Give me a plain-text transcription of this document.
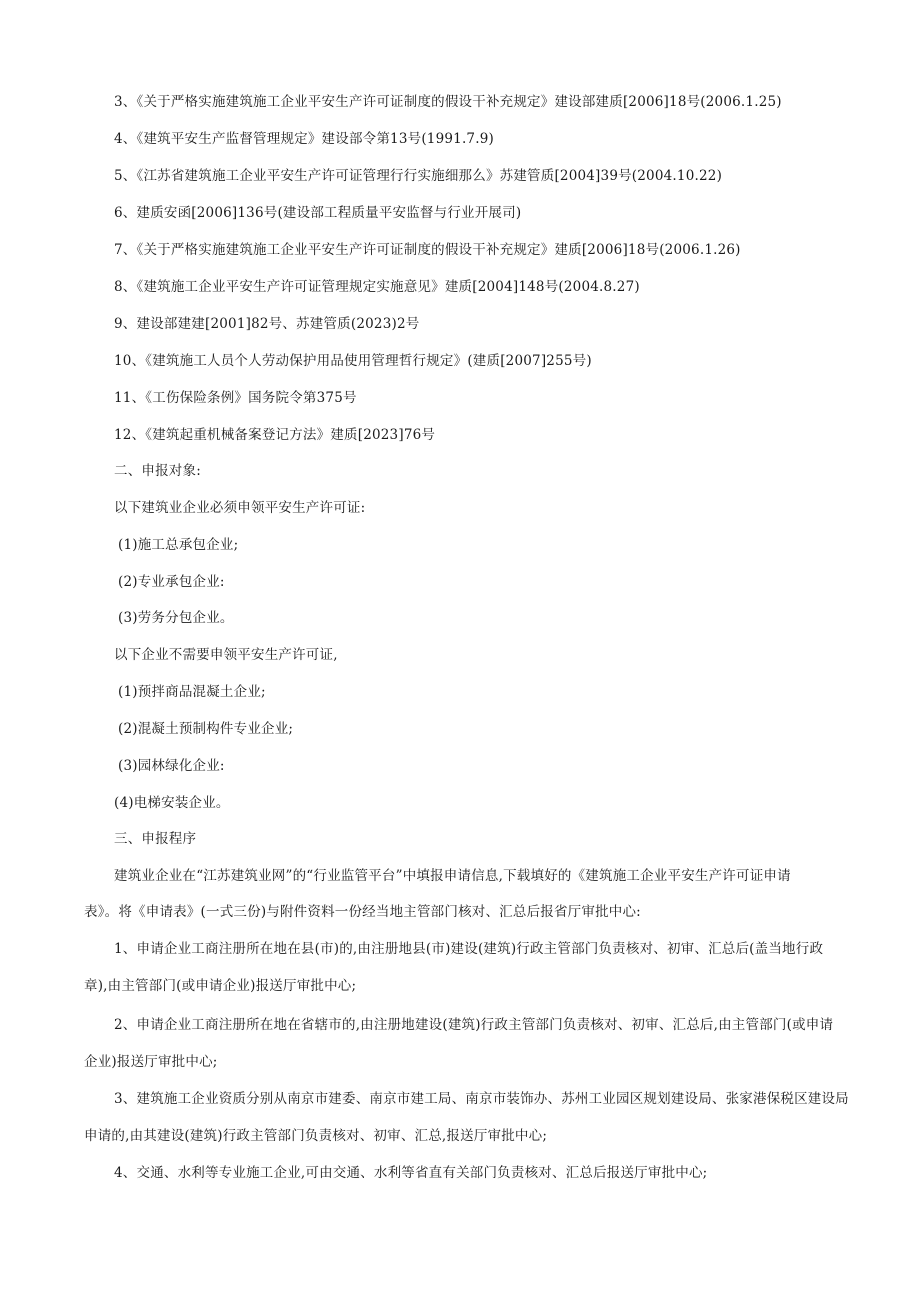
3、《关于严格实施建筑施工企业平安生产许可证制度的假设干补充规定》建设部建质[2006]18号(2006.1.25)
4、《建筑平安生产监督管理规定》建设部令第13号(1991.7.9)
5、《江苏省建筑施工企业平安生产许可证管理行行实施细那么》苏建管质[2004]39号(2004.10.22)
6、建质安函[2006]136号(建设部工程质量平安监督与行业开展司)
7、《关于严格实施建筑施工企业平安生产许可证制度的假设干补充规定》建质[2006]18号(2006.1.26)
8、《建筑施工企业平安生产许可证管理规定实施意见》建质[2004]148号(2004.8.27)
9、建设部建建[2001]82号、苏建管质(2023)2号
10、《建筑施工人员个人劳动保护用品使用管理哲行规定》(建质[2007]255号)
11、《工伤保险条例》国务院令第375号
12、《建筑起重机械备案登记方法》建质[2023]76号
二、申报对象:
以下建筑业企业必须申领平安生产许可证:
(1)施工总承包企业;
(2)专业承包企业:
(3)劳务分包企业。
以下企业不需要申领平安生产许可证,
(1)预拌商品混凝土企业;
(2)混凝土预制构件专业企业;
(3)园林绿化企业:
(4)电梯安装企业。
三、申报程序
建筑业企业在“江苏建筑业网”的“行业监管平台”中填报申请信息,下载填好的《建筑施工企业平安生产许可证申请
表》。将《申请表》(一式三份)与附件资料一份经当地主管部门核对、汇总后报省厅审批中心:
1、申请企业工商注册所在地在县(市)的,由注册地县(市)建设(建筑)行政主管部门负责核对、初审、汇总后(盖当地行政
章),由主管部门(或申请企业)报送厅审批中心;
2、申请企业工商注册所在地在省辖市的,由注册地建设(建筑)行政主管部门负责核对、初审、汇总后,由主管部门(或申请
企业)报送厅审批中心;
3、建筑施工企业资质分别从南京市建委、南京市建工局、南京市装饰办、苏州工业园区规划建设局、张家港保税区建设局
申请的,由其建设(建筑)行政主管部门负责核对、初审、汇总,报送厅审批中心;
4、交通、水利等专业施工企业,可由交通、水利等省直有关部门负责核对、汇总后报送厅审批中心;
